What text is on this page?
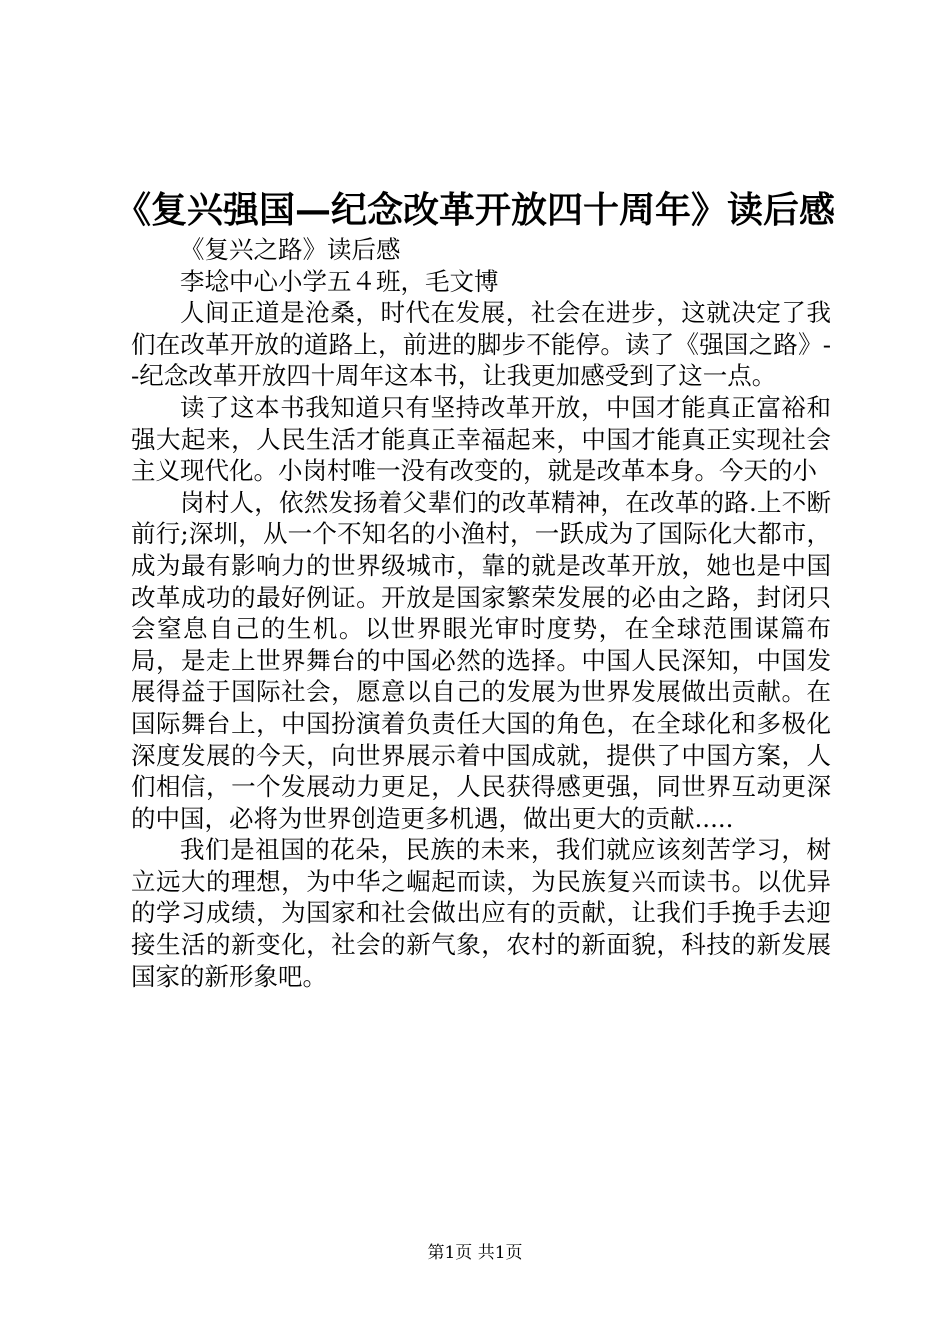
《复兴强国—纪念改革开放四十周年》读后感

《复兴之路》读后感

李埝中心小学五４班，毛文博

人间正道是沧桑，时代在发展，社会在进步，这就决定了我们在改革开放的道路上，前进的脚步不能停。读了《强国之路》--纪念改革开放四十周年这本书，让我更加感受到了这一点。

读了这本书我知道只有坚持改革开放，中国才能真正富裕和强大起来，人民生活才能真正幸福起来，中国才能真正实现社会主义现代化。小岗村唯一没有改变的，就是改革本身。今天的小

岗村人，依然发扬着父辈们的改革精神，在改革的路.上不断前行;深圳，从一个不知名的小渔村，一跃成为了国际化大都市，成为最有影响力的世界级城市，靠的就是改革开放，她也是中国改革成功的最好例证。开放是国家繁荣发展的必由之路，封闭只会窒息自己的生机。以世界眼光审时度势，在全球范围谋篇布局，是走上世界舞台的中国必然的选择。中国人民深知，中国发展得益于国际社会，愿意以自己的发展为世界发展做出贡献。在国际舞台上，中国扮演着负责任大国的角色，在全球化和多极化深度发展的今天，向世界展示着中国成就，提供了中国方案，人们相信，一个发展动力更足，人民获得感更强，同世界互动更深的中国，必将为世界创造更多机遇，做出更大的贡献.....

我们是祖国的花朵，民族的未来，我们就应该刻苦学习，树立远大的理想，为中华之崛起而读，为民族复兴而读书。以优异的学习成绩，为国家和社会做出应有的贡献，让我们手挽手去迎接生活的新变化，社会的新气象，农村的新面貌，科技的新发展国家的新形象吧。

第1页 共1页
